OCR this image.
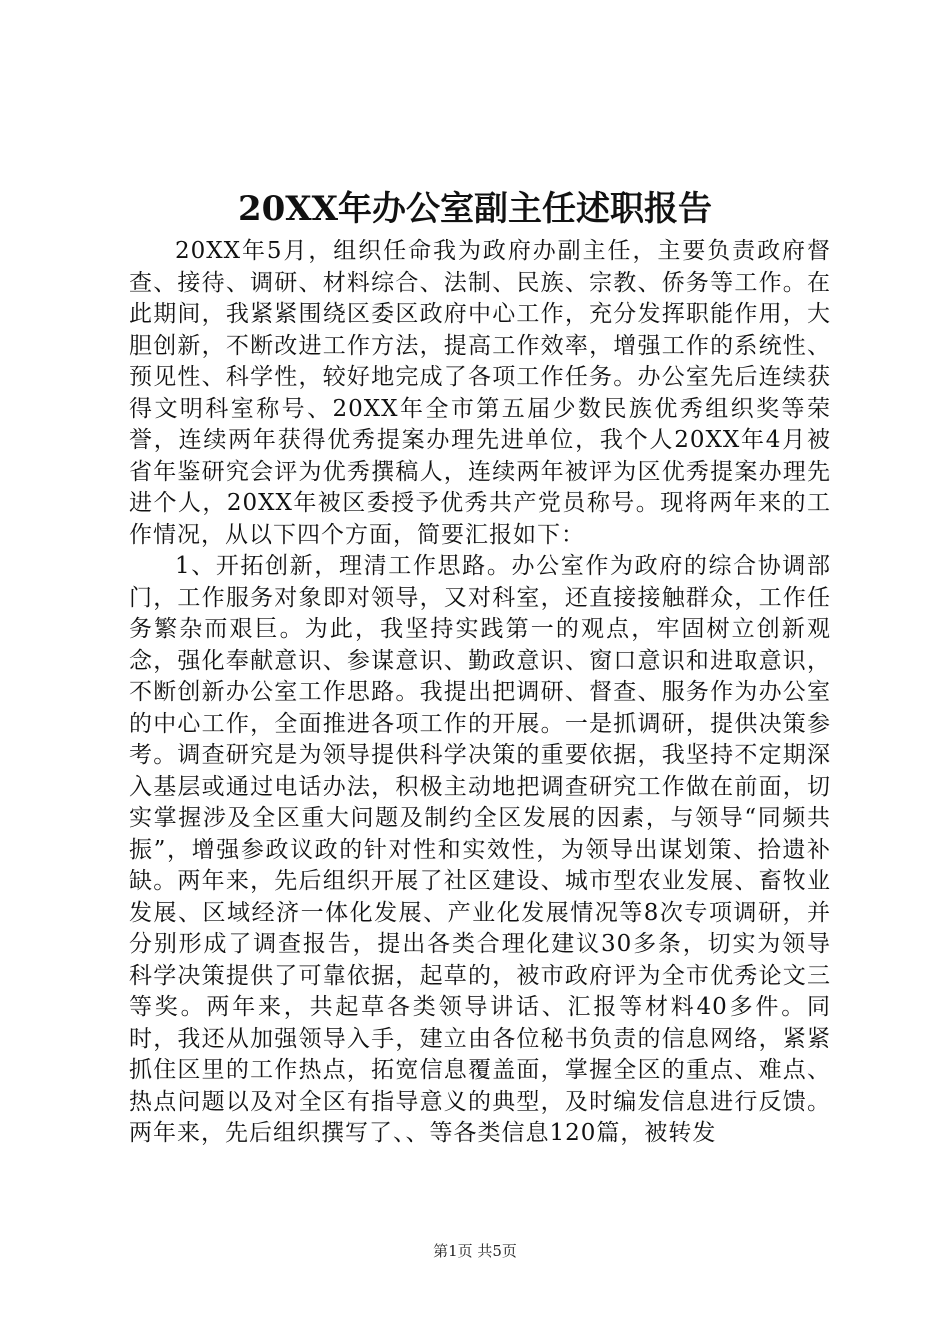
20XX年办公室副主任述职报告

20XX年5月，组织任命我为政府办副主任，主要负责政府督查、接待、调研、材料综合、法制、民族、宗教、侨务等工作。在此期间，我紧紧围绕区委区政府中心工作，充分发挥职能作用，大胆创新，不断改进工作方法，提高工作效率，增强工作的系统性、预见性、科学性，较好地完成了各项工作任务。办公室先后连续获得文明科室称号、20XX年全市第五届少数民族优秀组织奖等荣誉，连续两年获得优秀提案办理先进单位，我个人20XX年4月被省年鉴研究会评为优秀撰稿人，连续两年被评为区优秀提案办理先进个人，20XX年被区委授予优秀共产党员称号。现将两年来的工作情况，从以下四个方面，简要汇报如下：

1、开拓创新，理清工作思路。办公室作为政府的综合协调部门，工作服务对象即对领导，又对科室，还直接接触群众，工作任务繁杂而艰巨。为此，我坚持实践第一的观点，牢固树立创新观念，强化奉献意识、参谋意识、勤政意识、窗口意识和进取意识，不断创新办公室工作思路。我提出把调研、督查、服务作为办公室的中心工作，全面推进各项工作的开展。一是抓调研，提供决策参考。调查研究是为领导提供科学决策的重要依据，我坚持不定期深入基层或通过电话办法，积极主动地把调查研究工作做在前面，切实掌握涉及全区重大问题及制约全区发展的因素，与领导“同频共振”，增强参政议政的针对性和实效性，为领导出谋划策、拾遗补缺。两年来，先后组织开展了社区建设、城市型农业发展、畜牧业发展、区域经济一体化发展、产业化发展情况等8次专项调研，并分别形成了调查报告，提出各类合理化建议30多条，切实为领导科学决策提供了可靠依据，起草的，被市政府评为全市优秀论文三等奖。两年来，共起草各类领导讲话、汇报等材料40多件。同时，我还从加强领导入手，建立由各位秘书负责的信息网络，紧紧抓住区里的工作热点，拓宽信息覆盖面，掌握全区的重点、难点、热点问题以及对全区有指导意义的典型，及时编发信息进行反馈。两年来，先后组织撰写了、、等各类信息120篇，被转发

第1页 共5页
